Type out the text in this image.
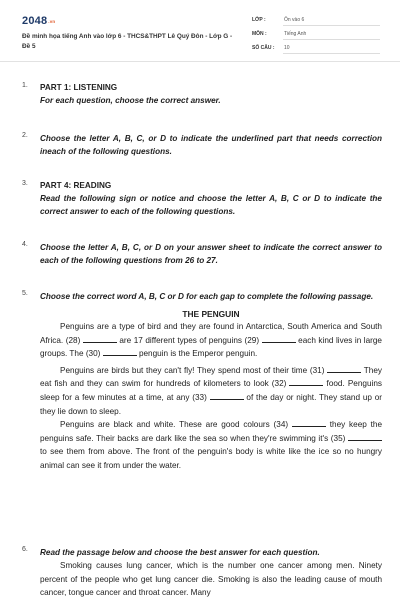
2048.vn
Đề minh họa tiếng Anh vào lớp 6 - THCS&THPT Lê Quý Đôn - Lớp G - Đề 5
LỚP :	Ôn vào 6
MÔN :	Tiếng Anh
SỐ CÂU : 10
1. PART 1: LISTENING
For each question, choose the correct answer.
2. Choose the letter A, B, C, or D to indicate the underlined part that needs correction ineach of the following questions.
3. PART 4: READING
Read the following sign or notice and choose the letter A, B, C or D to indicate the correct answer to each of the following questions.
4. Choose the letter A, B, C, or D on your answer sheet to indicate the correct answer to each of the following questions from 26 to 27.
5. Choose the correct word A, B, C or D for each gap to complete the following passage.
THE PENGUIN

Penguins are a type of bird and they are found in Antarctica, South America and South Africa. (28)	are 17 different types of penguins (29)	each kind lives in large groups. The (30)	penguin is the Emperor penguin.

Penguins are birds but they can't fly! They spend most of their time (31)	They eat fish and they can swim for hundreds of kilometers to look (32)	food. Penguins sleep for a few minutes at a time, at any (33)	of the day or night. They stand up or they lie down to sleep.

Penguins are black and white. These are good colours (34)	they keep the penguins safe. Their backs are dark like the sea so when they're swimming it's (35)  to see them from above. The front of the penguin's body is white like the ice so no hungry animal can see it from under the water.

6. Read the passage below and choose the best answer for each question.

Smoking causes lung cancer, which is the number one cancer among men. Ninety percent of the people who get lung cancer die. Smoking is also the leading cause of mouth cancer, tongue cancer and throat cancer. Many
